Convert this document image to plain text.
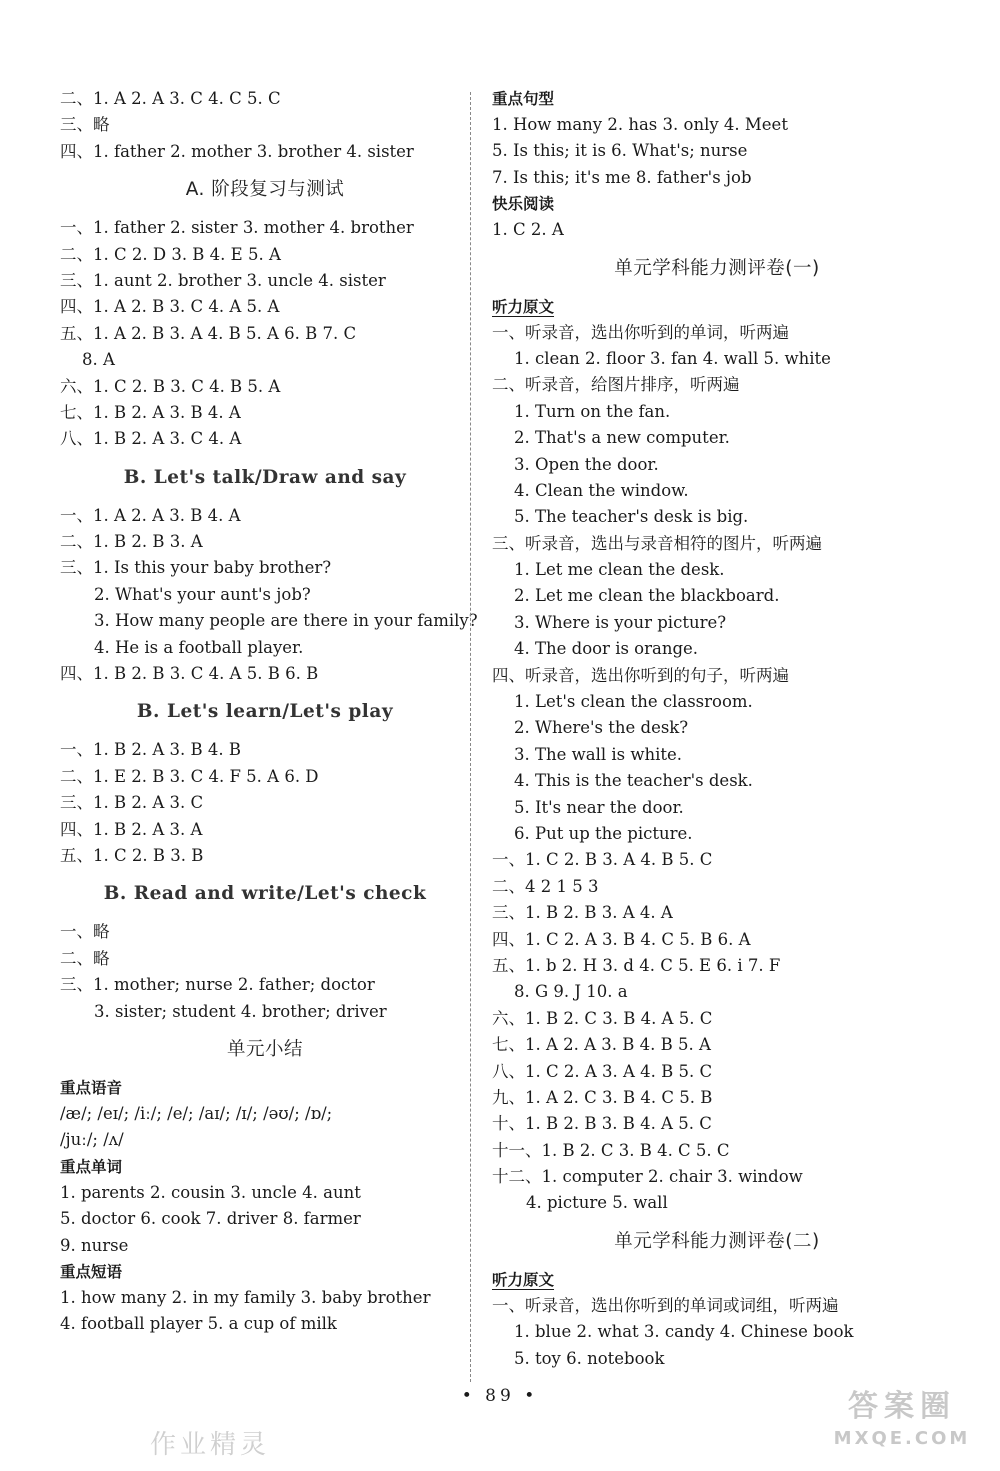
二、1. A 2. A 3. C 4. C 5. C
三、略
四、1. father 2. mother 3. brother 4. sister
A. 阶段复习与测试
一、1. father 2. sister 3. mother 4. brother
二、1. C 2. D 3. B 4. E 5. A
三、1. aunt 2. brother 3. uncle 4. sister
四、1. A 2. B 3. C 4. A 5. A
五、1. A 2. B 3. A 4. B 5. A 6. B 7. C
8. A
六、1. C 2. B 3. C 4. B 5. A
七、1. B 2. A 3. B 4. A
八、1. B 2. A 3. C 4. A
B. Let's talk/Draw and say
一、1. A 2. A 3. B 4. A
二、1. B 2. B 3. A
三、1. Is this your baby brother?
2. What's your aunt's job?
3. How many people are there in your family?
4. He is a football player.
四、1. B 2. B 3. C 4. A 5. B 6. B
B. Let's learn/Let's play
一、1. B 2. A 3. B 4. B
二、1. E 2. B 3. C 4. F 5. A 6. D
三、1. B 2. A 3. C
四、1. B 2. A 3. A
五、1. C 2. B 3. B
B. Read and write/Let's check
一、略
二、略
三、1. mother; nurse 2. father; doctor
3. sister; student 4. brother; driver
单元小结
重点语音
/æ/; /eɪ/; /iː/; /e/; /aɪ/; /ɪ/; /əʊ/; /ɒ/;
/juː/; /ʌ/
重点单词
1. parents 2. cousin 3. uncle 4. aunt
5. doctor 6. cook 7. driver 8. farmer
9. nurse
重点短语
1. how many 2. in my family 3. baby brother
4. football player 5. a cup of milk
重点句型
1. How many 2. has 3. only 4. Meet
5. Is this; it is 6. What's; nurse
7. Is this; it's me 8. father's job
快乐阅读
1. C 2. A
单元学科能力测评卷(一)
听力原文
一、听录音，选出你听到的单词，听两遍
1. clean 2. floor 3. fan 4. wall 5. white
二、听录音，给图片排序，听两遍
1. Turn on the fan.
2. That's a new computer.
3. Open the door.
4. Clean the window.
5. The teacher's desk is big.
三、听录音，选出与录音相符的图片，听两遍
1. Let me clean the desk.
2. Let me clean the blackboard.
3. Where is your picture?
4. The door is orange.
四、听录音，选出你听到的句子，听两遍
1. Let's clean the classroom.
2. Where's the desk?
3. The wall is white.
4. This is the teacher's desk.
5. It's near the door.
6. Put up the picture.
一、1. C 2. B 3. A 4. B 5. C
二、4 2 1 5 3
三、1. B 2. B 3. A 4. A
四、1. C 2. A 3. B 4. C 5. B 6. A
五、1. b 2. H 3. d 4. C 5. E 6. i 7. F
8. G 9. J 10. a
六、1. B 2. C 3. B 4. A 5. C
七、1. A 2. A 3. B 4. B 5. A
八、1. C 2. A 3. A 4. B 5. C
九、1. A 2. C 3. B 4. C 5. B
十、1. B 2. B 3. B 4. A 5. C
十一、1. B 2. C 3. B 4. C 5. C
十二、1. computer 2. chair 3. window
4. picture 5. wall
单元学科能力测评卷(二)
听力原文
一、听录音，选出你听到的单词或词组，听两遍
1. blue 2. what 3. candy 4. Chinese book
5. toy 6. notebook
• 89 •
作业精灵
答案圈
MXQE.COM
